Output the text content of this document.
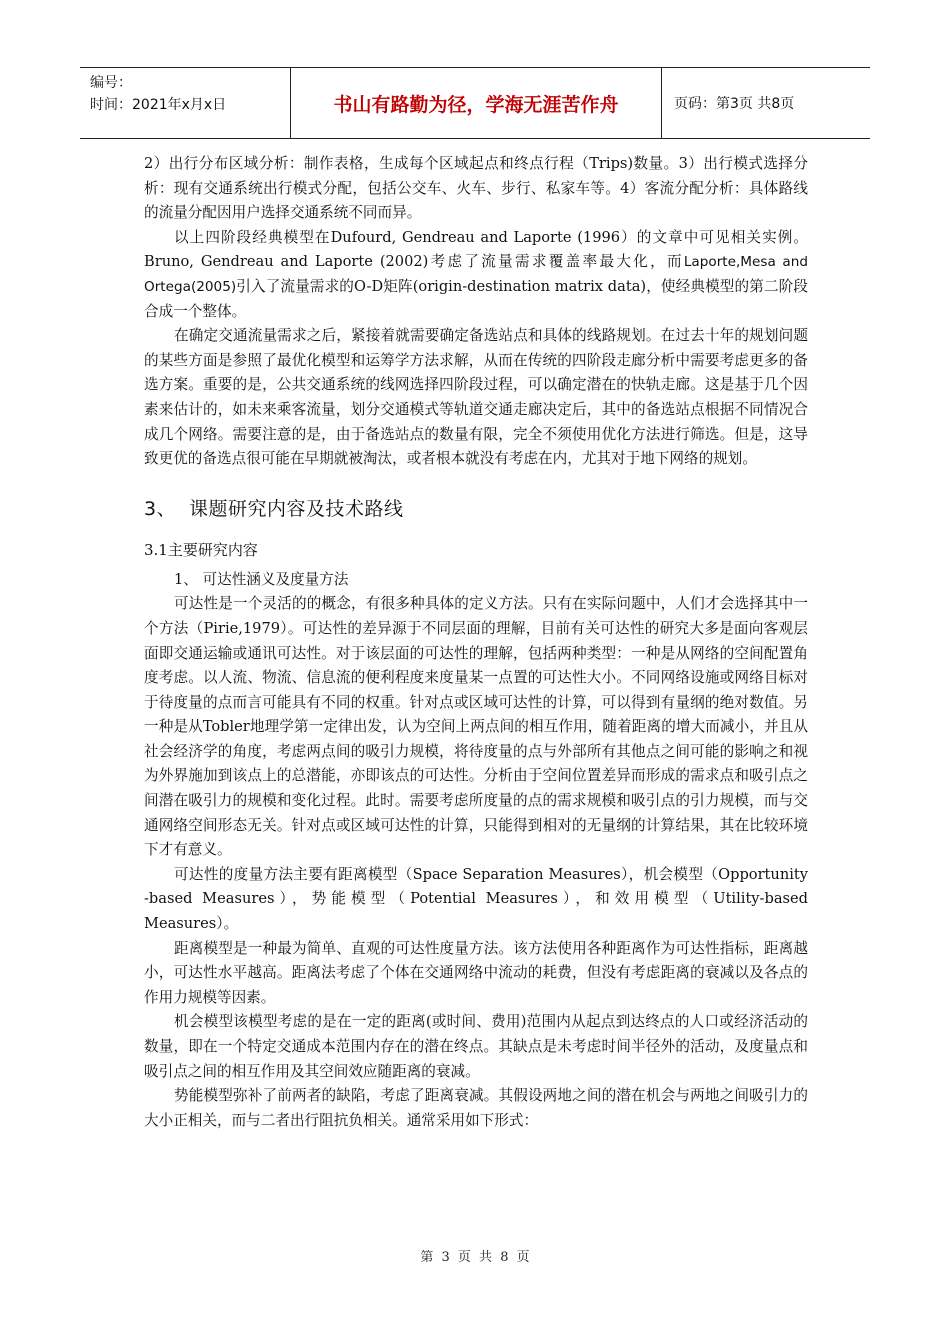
编号：
时间：2021年x月x日	书山有路勤为径，学海无涯苦作舟	页码：第3页 共8页

2）出行分布区域分析：制作表格，生成每个区域起点和终点行程（Trips)数量。3）出行模式选择分析：现有交通系统出行模式分配，包括公交车、火车、步行、私家车等。4）客流分配分析：具体路线的流量分配因用户选择交通系统不同而异。

以上四阶段经典模型在Dufourd, Gendreau and Laporte (1996）的文章中可见相关实例。Bruno, Gendreau and Laporte (2002)考虑了流量需求覆盖率最大化，而Laporte,Mesa and Ortega(2005)引入了流量需求的O-D矩阵(origin-destination matrix data)，使经典模型的第二阶段合成一个整体。

在确定交通流量需求之后，紧接着就需要确定备选站点和具体的线路规划。在过去十年的规划问题的某些方面是参照了最优化模型和运筹学方法求解，从而在传统的四阶段走廊分析中需要考虑更多的备选方案。重要的是，公共交通系统的线网选择四阶段过程，可以确定潜在的快轨走廊。这是基于几个因素来估计的，如未来乘客流量，划分交通模式等轨道交通走廊决定后，其中的备选站点根据不同情况合成几个网络。需要注意的是，由于备选站点的数量有限，完全不须使用优化方法进行筛选。但是，这导致更优的备选点很可能在早期就被淘汰，或者根本就没有考虑在内，尤其对于地下网络的规划。

3、 课题研究内容及技术路线
3.1主要研究内容
1、 可达性涵义及度量方法

可达性是一个灵活的的概念，有很多种具体的定义方法。只有在实际问题中，人们才会选择其中一个方法（Pirie,1979）。可达性的差异源于不同层面的理解，目前有关可达性的研究大多是面向客观层面即交通运输或通讯可达性。对于该层面的可达性的理解，包括两种类型：一种是从网络的空间配置角度考虑。以人流、物流、信息流的便利程度来度量某一点置的可达性大小。不同网络设施或网络目标对于待度量的点而言可能具有不同的权重。针对点或区域可达性的计算，可以得到有量纲的绝对数值。另一种是从Tobler地理学第一定律出发，认为空间上两点间的相互作用，随着距离的增大而减小，并且从社会经济学的角度，考虑两点间的吸引力规模，将待度量的点与外部所有其他点之间可能的影响之和视为外界施加到该点上的总潜能，亦即该点的可达性。分析由于空间位置差异而形成的需求点和吸引点之间潜在吸引力的规模和变化过程。此时。需要考虑所度量的点的需求规模和吸引点的引力规模，而与交通网络空间形态无关。针对点或区域可达性的计算，只能得到相对的无量纲的计算结果，其在比较环境下才有意义。

可达性的度量方法主要有距离模型（Space Separation Measures），机会模型（Opportunity -based Measures），势能模型（Potential Measures），和效用模型（Utility-based Measures）。

距离模型是一种最为简单、直观的可达性度量方法。该方法使用各种距离作为可达性指标，距离越小，可达性水平越高。距离法考虑了个体在交通网络中流动的耗费，但没有考虑距离的衰减以及各点的作用力规模等因素。

机会模型该模型考虑的是在一定的距离(或时间、费用)范围内从起点到达终点的人口或经济活动的数量，即在一个特定交通成本范围内存在的潜在终点。其缺点是未考虑时间半径外的活动，及度量点和吸引点之间的相互作用及其空间效应随距离的衰减。

势能模型弥补了前两者的缺陷，考虑了距离衰减。其假设两地之间的潜在机会与两地之间吸引力的大小正相关，而与二者出行阻抗负相关。通常采用如下形式：

第 3 页 共 8 页
